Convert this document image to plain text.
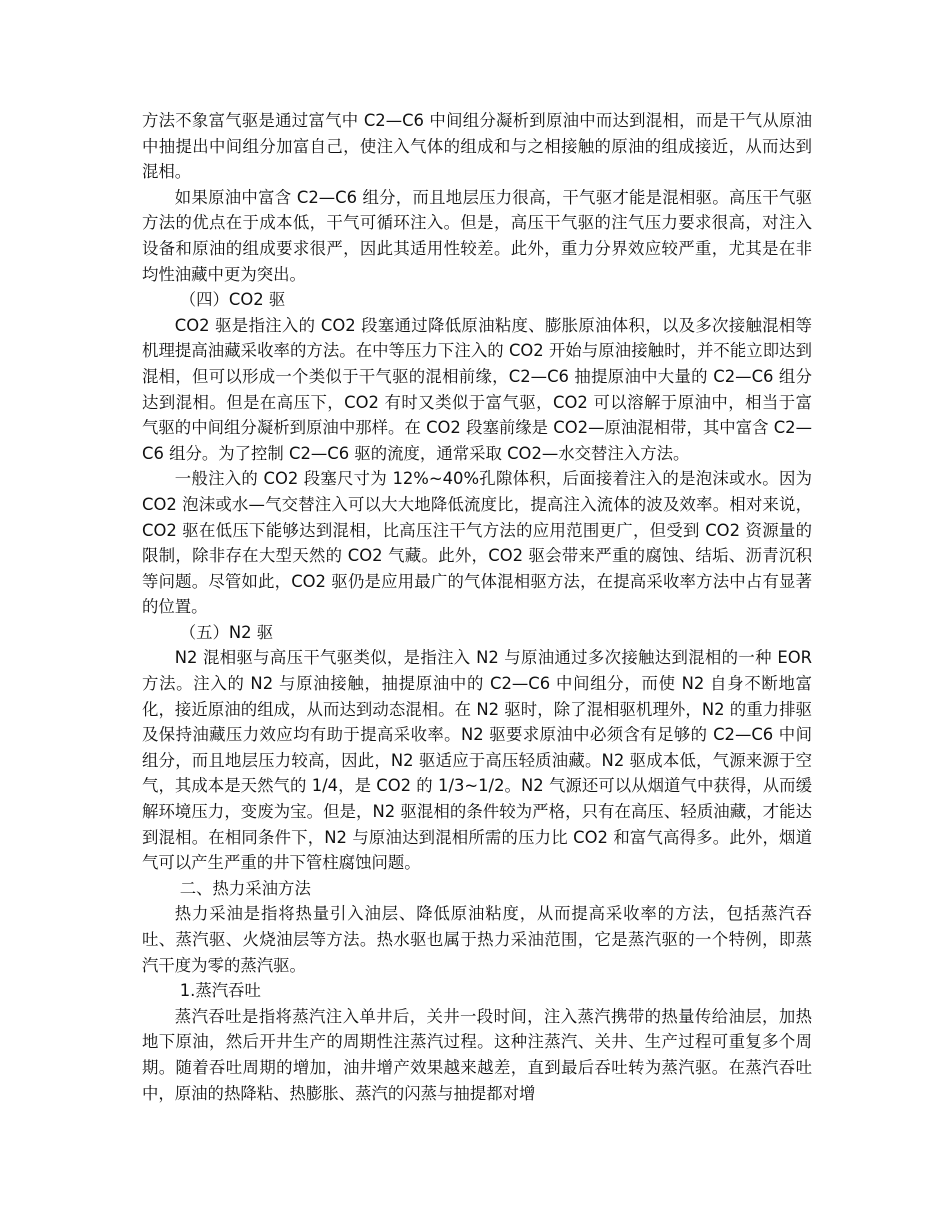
方法不象富气驱是通过富气中 C2—C6 中间组分凝析到原油中而达到混相，而是干气从原油中抽提出中间组分加富自己，使注入气体的组成和与之相接触的原油的组成接近，从而达到混相。

如果原油中富含 C2—C6 组分，而且地层压力很高，干气驱才能是混相驱。高压干气驱方法的优点在于成本低，干气可循环注入。但是，高压干气驱的注气压力要求很高，对注入设备和原油的组成要求很严，因此其适用性较差。此外，重力分界效应较严重，尤其是在非均性油藏中更为突出。

（四）CO2 驱

CO2 驱是指注入的 CO2 段塞通过降低原油粘度、膨胀原油体积，以及多次接触混相等机理提高油藏采收率的方法。在中等压力下注入的 CO2 开始与原油接触时，并不能立即达到混相，但可以形成一个类似于干气驱的混相前缘，C2—C6 抽提原油中大量的 C2—C6 组分达到混相。但是在高压下，CO2 有时又类似于富气驱，CO2 可以溶解于原油中，相当于富气驱的中间组分凝析到原油中那样。在 CO2 段塞前缘是 CO2—原油混相带，其中富含 C2—C6 组分。为了控制 C2—C6 驱的流度，通常采取 CO2—水交替注入方法。

一般注入的 CO2 段塞尺寸为 12%~40%孔隙体积，后面接着注入的是泡沫或水。因为 CO2 泡沫或水—气交替注入可以大大地降低流度比，提高注入流体的波及效率。相对来说，CO2 驱在低压下能够达到混相，比高压注干气方法的应用范围更广，但受到 CO2 资源量的限制，除非存在大型天然的 CO2 气藏。此外，CO2 驱会带来严重的腐蚀、结垢、沥青沉积等问题。尽管如此，CO2 驱仍是应用最广的气体混相驱方法，在提高采收率方法中占有显著的位置。

（五）N2 驱

N2 混相驱与高压干气驱类似，是指注入 N2 与原油通过多次接触达到混相的一种 EOR 方法。注入的 N2 与原油接触，抽提原油中的 C2—C6 中间组分，而使 N2 自身不断地富化，接近原油的组成，从而达到动态混相。在 N2 驱时，除了混相驱机理外，N2 的重力排驱及保持油藏压力效应均有助于提高采收率。N2 驱要求原油中必须含有足够的 C2—C6 中间组分，而且地层压力较高，因此，N2 驱适应于高压轻质油藏。N2 驱成本低，气源来源于空气，其成本是天然气的 1/4，是 CO2 的 1/3~1/2。N2 气源还可以从烟道气中获得，从而缓解环境压力，变废为宝。但是，N2 驱混相的条件较为严格，只有在高压、轻质油藏，才能达到混相。在相同条件下，N2 与原油达到混相所需的压力比 CO2 和富气高得多。此外，烟道气可以产生严重的井下管柱腐蚀问题。

二、热力采油方法

热力采油是指将热量引入油层、降低原油粘度，从而提高采收率的方法，包括蒸汽吞吐、蒸汽驱、火烧油层等方法。热水驱也属于热力采油范围，它是蒸汽驱的一个特例，即蒸汽干度为零的蒸汽驱。

1.蒸汽吞吐

蒸汽吞吐是指将蒸汽注入单井后，关井一段时间，注入蒸汽携带的热量传给油层，加热地下原油，然后开井生产的周期性注蒸汽过程。这种注蒸汽、关井、生产过程可重复多个周期。随着吞吐周期的增加，油井增产效果越来越差，直到最后吞吐转为蒸汽驱。在蒸汽吞吐中，原油的热降粘、热膨胀、蒸汽的闪蒸与抽提都对增
